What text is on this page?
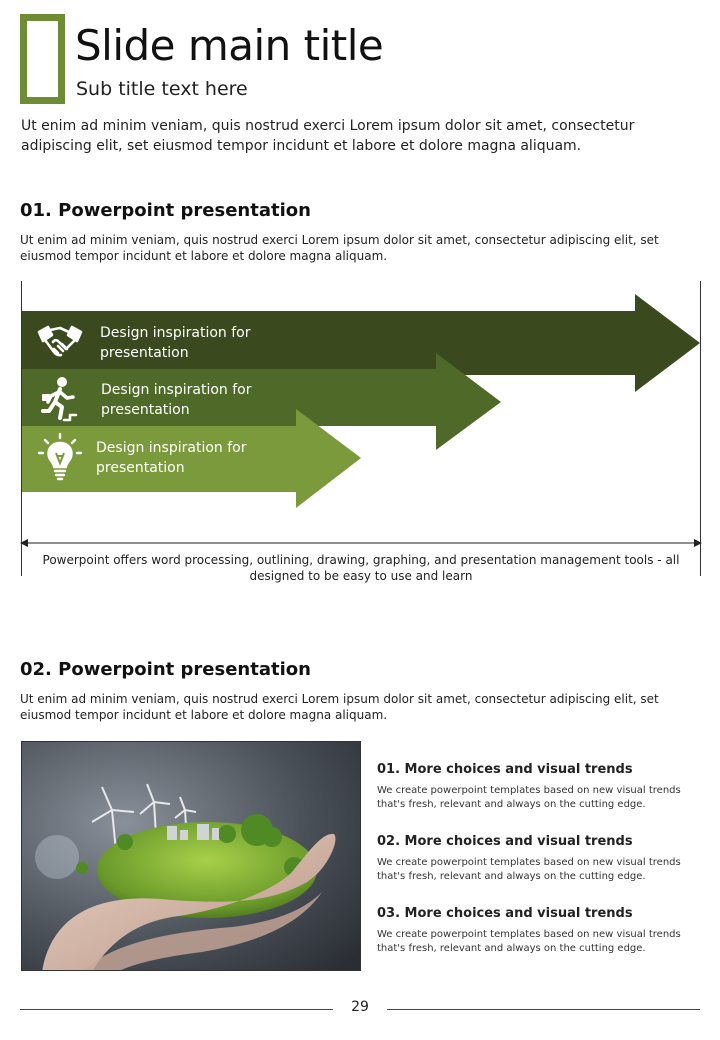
Slide main title
Sub title text here

Ut enim ad minim veniam, quis nostrud exerci Lorem ipsum dolor sit amet, consectetur adipiscing elit, set eiusmod tempor incidunt et labore et dolore magna aliquam.

01. Powerpoint presentation

Ut enim ad minim veniam, quis nostrud exerci Lorem ipsum dolor sit amet, consectetur adipiscing elit, set eiusmod tempor incidunt et labore et dolore magna aliquam.

Design inspiration for presentation
Design inspiration for presentation
Design inspiration for presentation

Powerpoint offers word processing, outlining, drawing, graphing, and presentation management tools - all designed to be easy to use and learn

02. Powerpoint presentation

Ut enim ad minim veniam, quis nostrud exerci Lorem ipsum dolor sit amet, consectetur adipiscing elit, set eiusmod tempor incidunt et labore et dolore magna aliquam.

01. More choices and visual trends
We create powerpoint templates based on new visual trends that's fresh, relevant and always on the cutting edge.
02. More choices and visual trends
We create powerpoint templates based on new visual trends that's fresh, relevant and always on the cutting edge.
03. More choices and visual trends
We create powerpoint templates based on new visual trends that's fresh, relevant and always on the cutting edge.
29
